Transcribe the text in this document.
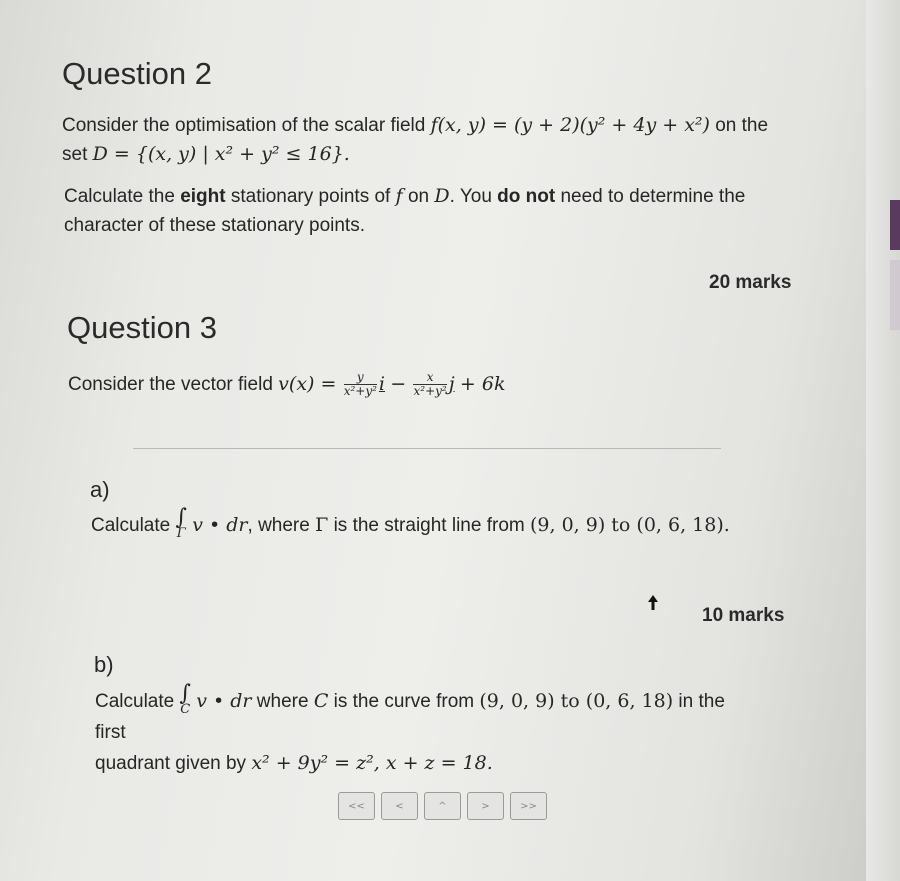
Question 2
Consider the optimisation of the scalar field f(x, y) = (y + 2)(y² + 4y + x²) on the
set D = {(x, y) | x² + y² ≤ 16}.
Calculate the eight stationary points of f on D. You do not need to determine the
character of these stationary points.
20 marks
Question 3
Consider the vector field $v(x) = \frac{y}{\text{x²+y²}}$ $i - \frac{x}{\text{x²+y²}}$ j + 6k
a)
Calculate ∫
Γ v • dr, where Γ is the straight line from (9, 0, 9) to (0, 6, 18).
10 marks
b)
Calculate ∫
C v • dr where C is the curve from (9, 0, 9) to (0, 6, 18) in the first
quadrant given by x² + 9y² = z², x + z = 18.
<<	<	^	>	>>
